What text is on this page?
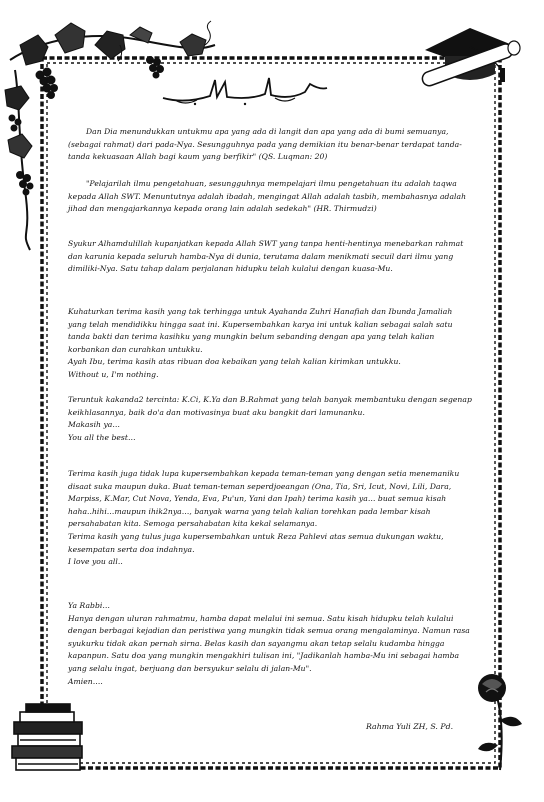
Dan Dia menundukkan untukmu apa yang ada di langit dan apa yang ada di bumi semuanya, (sebagai rahmat) dari pada-Nya. Sesungguhnya pada yang demikian itu benar-benar terdapat tanda-tanda kekuasaan Allah bagi kaum yang berfikir" (QS. Luqman: 20)

"Pelajarilah ilmu pengetahuan, sesungguhnya mempelajari ilmu pengetahuan itu adalah taqwa kepada Allah SWT. Menuntutnya adalah ibadah, mengingat Allah adalah tasbih, membahasnya adalah jihad dan mengajarkannya kepada orang lain adalah sedekah" (HR. Thirmudzi)

Syukur Alhamdulillah kupanjatkan kepada Allah SWT yang tanpa henti-hentinya menebarkan rahmat dan karunia kepada seluruh hamba-Nya di dunia, terutama dalam menikmati secuil dari ilmu yang dimiliki-Nya. Satu tahap dalam perjalanan hidupku telah kulalui dengan kuasa-Mu.

Kuhaturkan terima kasih yang tak terhingga untuk Ayahanda Zuhri Hanafiah dan Ibunda Jamaliah yang telah mendidikku hingga saat ini. Kupersembahkan karya ini untuk kalian sebagai salah satu tanda bakti dan terima kasihku yang mungkin belum sebanding dengan apa yang telah kalian korbankan dan curahkan untukku.

Ayah Ibu, terima kasih atas ribuan doa kebaikan yang telah kalian kirimkan untukku.

Without u, I'm nothing.

Teruntuk kakanda2 tercinta: K.Ci, K.Ya dan B.Rahmat yang telah banyak membantuku dengan segenap keikhlasannya, baik do'a dan motivasinya buat aku bangkit dari lamunanku.

Makasih ya…

You all the best…

Terima kasih juga tidak lupa kupersembahkan kepada teman-teman yang dengan setia menemaniku disaat suka maupun duka. Buat teman-teman seperdjoeangan (Ona, Tia, Sri, Icut, Novi, Lili, Dara, Marpiss, K.Mar, Cut Nova, Yenda, Eva, Pu'un, Yani dan Ipah) terima kasih ya… buat semua kisah haha..hihi…maupun ihik2nya…, banyak warna yang telah kalian torehkan pada lembar kisah persahabatan kita. Semoga persahabatan kita kekal selamanya.

Terima kasih yang tulus juga kupersembahkan untuk Reza Pahlevi atas semua dukungan waktu, kesempatan serta doa indahnya.

I love you all..

Ya Rabbi…

Hanya dengan uluran rahmatmu, hamba dapat melalui ini semua. Satu kisah hidupku telah kulalui dengan berbagai kejadian dan peristiwa yang mungkin tidak semua orang mengalaminya. Namun rasa syukurku tidak akan pernah sirna. Belas kasih dan sayangmu akan tetap selalu kudamba hingga kapanpun. Satu doa yang mungkin mengakhiri tulisan ini, "Jadikanlah hamba-Mu ini sebagai hamba yang selalu ingat, berjuang dan bersyukur selalu di jalan-Mu".

Amien….

Rahma Yuli ZH, S. Pd.
